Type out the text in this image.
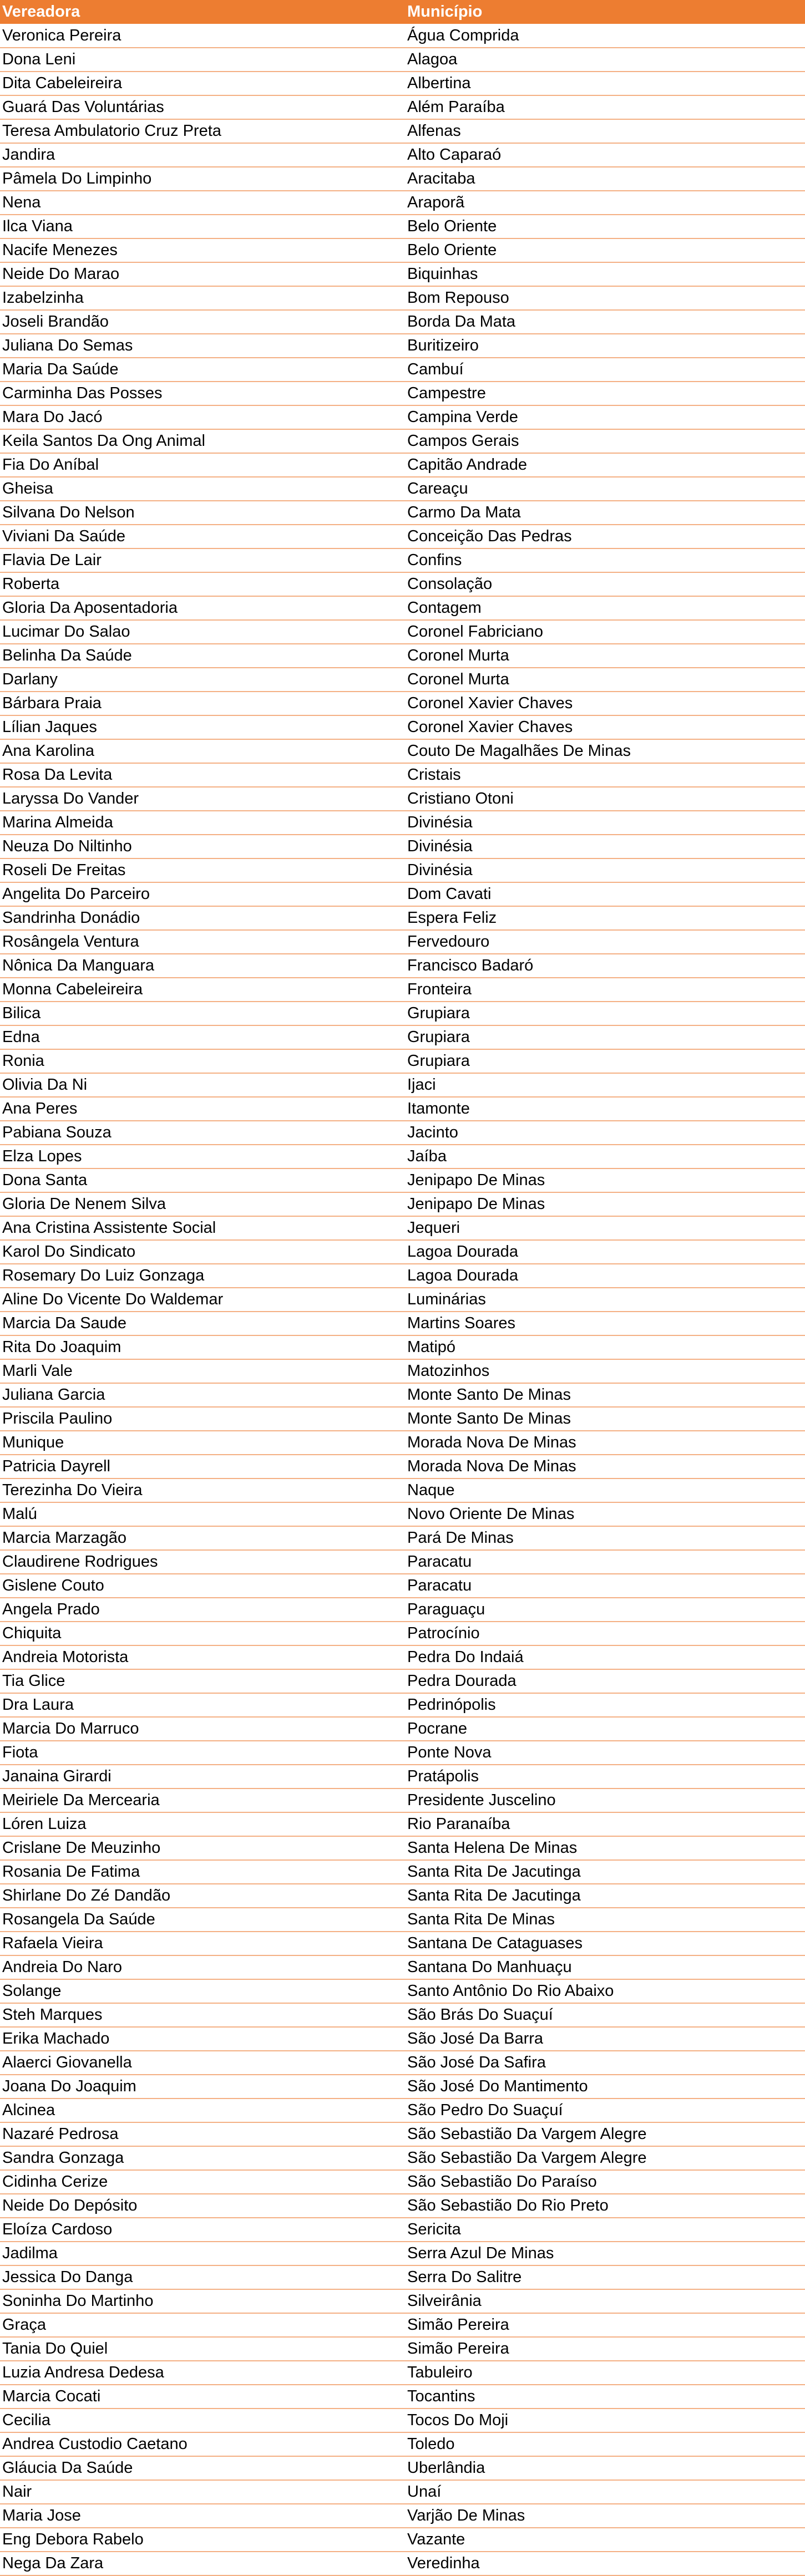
Vereadora	Município
Veronica Pereira	Água Comprida
Dona Leni	Alagoa
Dita Cabeleireira	Albertina
Guará Das Voluntárias	Além Paraíba
Teresa Ambulatorio Cruz Preta	Alfenas
Jandira	Alto Caparaó
Pâmela Do Limpinho	Aracitaba
Nena	Araporã
Ilca Viana	Belo Oriente
Nacife Menezes	Belo Oriente
Neide Do Marao	Biquinhas
Izabelzinha	Bom Repouso
Joseli Brandão	Borda Da Mata
Juliana Do Semas	Buritizeiro
Maria Da Saúde	Cambuí
Carminha Das Posses	Campestre
Mara Do Jacó	Campina Verde
Keila Santos Da Ong Animal	Campos Gerais
Fia Do Aníbal	Capitão Andrade
Gheisa	Careaçu
Silvana Do Nelson	Carmo Da Mata
Viviani Da Saúde	Conceição Das Pedras
Flavia De Lair	Confins
Roberta	Consolação
Gloria Da Aposentadoria	Contagem
Lucimar Do Salao	Coronel Fabriciano
Belinha Da Saúde	Coronel Murta
Darlany	Coronel Murta
Bárbara Praia	Coronel Xavier Chaves
Lílian Jaques	Coronel Xavier Chaves
Ana Karolina	Couto De Magalhães De Minas
Rosa Da Levita	Cristais
Laryssa Do Vander	Cristiano Otoni
Marina Almeida	Divinésia
Neuza Do Niltinho	Divinésia
Roseli De Freitas	Divinésia
Angelita Do Parceiro	Dom Cavati
Sandrinha Donádio	Espera Feliz
Rosângela Ventura	Fervedouro
Nônica Da Manguara	Francisco Badaró
Monna Cabeleireira	Fronteira
Bilica	Grupiara
Edna	Grupiara
Ronia	Grupiara
Olivia Da Ni	Ijaci
Ana Peres	Itamonte
Pabiana Souza	Jacinto
Elza Lopes	Jaíba
Dona Santa	Jenipapo De Minas
Gloria De Nenem Silva	Jenipapo De Minas
Ana Cristina Assistente Social	Jequeri
Karol Do Sindicato	Lagoa Dourada
Rosemary Do Luiz Gonzaga	Lagoa Dourada
Aline Do Vicente Do Waldemar	Luminárias
Marcia Da Saude	Martins Soares
Rita Do Joaquim	Matipó
Marli Vale	Matozinhos
Juliana Garcia	Monte Santo De Minas
Priscila Paulino	Monte Santo De Minas
Munique	Morada Nova De Minas
Patricia Dayrell	Morada Nova De Minas
Terezinha Do Vieira	Naque
Malú	Novo Oriente De Minas
Marcia Marzagão	Pará De Minas
Claudirene Rodrigues	Paracatu
Gislene Couto	Paracatu
Angela Prado	Paraguaçu
Chiquita	Patrocínio
Andreia Motorista	Pedra Do Indaiá
Tia Glice	Pedra Dourada
Dra Laura	Pedrinópolis
Marcia Do Marruco	Pocrane
Fiota	Ponte Nova
Janaina Girardi	Pratápolis
Meiriele Da Mercearia	Presidente Juscelino
Lóren Luiza	Rio Paranaíba
Crislane De Meuzinho	Santa Helena De Minas
Rosania De Fatima	Santa Rita De Jacutinga
Shirlane Do Zé Dandão	Santa Rita De Jacutinga
Rosangela Da Saúde	Santa Rita De Minas
Rafaela Vieira	Santana De Cataguases
Andreia Do Naro	Santana Do Manhuaçu
Solange	Santo Antônio Do Rio Abaixo
Steh Marques	São Brás Do Suaçuí
Erika Machado	São José Da Barra
Alaerci Giovanella	São José Da Safira
Joana Do Joaquim	São José Do Mantimento
Alcinea	São Pedro Do Suaçuí
Nazaré Pedrosa	São Sebastião Da Vargem Alegre
Sandra Gonzaga	São Sebastião Da Vargem Alegre
Cidinha Cerize	São Sebastião Do Paraíso
Neide Do Depósito	São Sebastião Do Rio Preto
Eloíza Cardoso	Sericita
Jadilma	Serra Azul De Minas
Jessica Do Danga	Serra Do Salitre
Soninha Do Martinho	Silveirânia
Graça	Simão Pereira
Tania Do Quiel	Simão Pereira
Luzia Andresa Dedesa	Tabuleiro
Marcia Cocati	Tocantins
Cecilia	Tocos Do Moji
Andrea Custodio Caetano	Toledo
Gláucia Da Saúde	Uberlândia
Nair	Unaí
Maria Jose	Varjão De Minas
Eng Debora Rabelo	Vazante
Nega Da Zara	Veredinha
